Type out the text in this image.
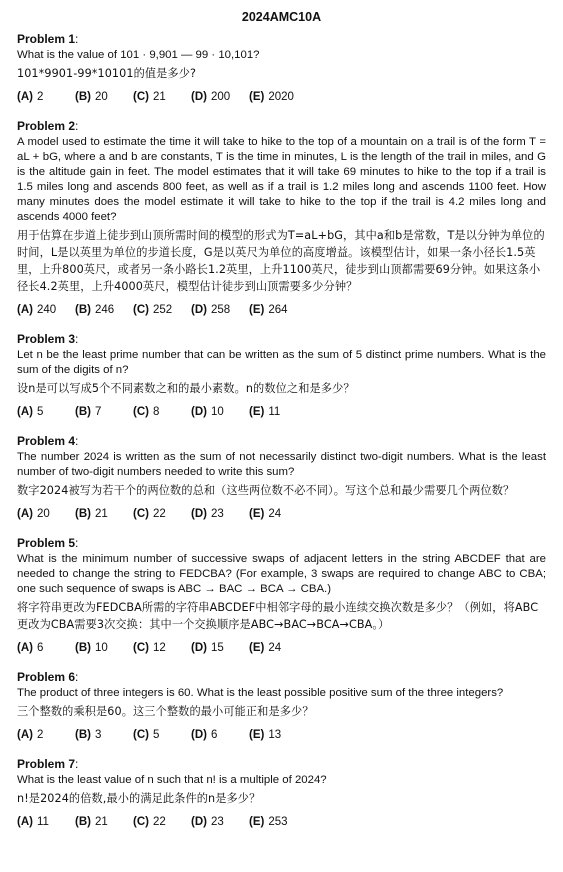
2024AMC10A
Problem 1:
What is the value of 101 · 9,901 — 99 · 10,101?
101*9901-99*10101的值是多少?
(A) 2	(B) 20	(C) 21	(D) 200	(E) 2020
Problem 2:
A model used to estimate the time it will take to hike to the top of a mountain on a trail is of the form T = aL + bG, where a and b are constants, T is the time in minutes, L is the length of the trail in miles, and G is the altitude gain in feet. The model estimates that it will take 69 minutes to hike to the top if a trail is 1.5 miles long and ascends 800 feet, as well as if a trail is 1.2 miles long and ascends 1100 feet. How many minutes does the model estimate it will take to hike to the top if the trail is 4.2 miles long and ascends 4000 feet?
用于估算在步道上徒步到山顶所需时间的模型的形式为T=aL+bG，其中a和b是常数，T是以分钟为单位的时间，L是以英里为单位的步道长度，G是以英尺为单位的高度增益。该模型估计，如果一条小径长1.5英里，上升800英尺，或者另一条小路长1.2英里，上升1100英尺，徒步到山顶都需要69分钟。如果这条小径长4.2英里，上升4000英尺，模型估计徒步到山顶需要多少分钟？
(A) 240	(B) 246	(C) 252	(D) 258	(E) 264
Problem 3:
Let n be the least prime number that can be written as the sum of 5 distinct prime numbers. What is the sum of the digits of n?
设n是可以写成5个不同素数之和的最小素数。n的数位之和是多少？
(A) 5	(B) 7	(C) 8	(D) 10	(E) 11
Problem 4:
The number 2024 is written as the sum of not necessarily distinct two-digit numbers. What is the least number of two-digit numbers needed to write this sum?
数字2024被写为若干个的两位数的总和（这些两位数不必不同）。写这个总和最少需要几个两位数？
(A) 20	(B) 21	(C) 22	(D) 23	(E) 24
Problem 5:
What is the minimum number of successive swaps of adjacent letters in the string ABCDEF that are needed to change the string to FEDCBA? (For example, 3 swaps are required to change ABC to CBA; one such sequence of swaps is ABC → BAC → BCA → CBA.)
将字符串更改为FEDCBA所需的字符串ABCDEF中相邻字母的最小连续交换次数是多少？（例如，将ABC更改为CBA需要3次交换：其中一个交换顺序是ABC→BAC→BCA→CBA。）
(A) 6	(B) 10	(C) 12	(D) 15	(E) 24
Problem 6:
The product of three integers is 60. What is the least possible positive sum of the three integers?
三个整数的乘积是60。这三个整数的最小可能正和是多少？
(A) 2	(B) 3	(C) 5	(D) 6	(E) 13
Problem 7:
What is the least value of n such that n! is a multiple of 2024?
n!是2024的倍数,最小的满足此条件的n是多少？
(A) 11	(B) 21	(C) 22	(D) 23	(E) 253
